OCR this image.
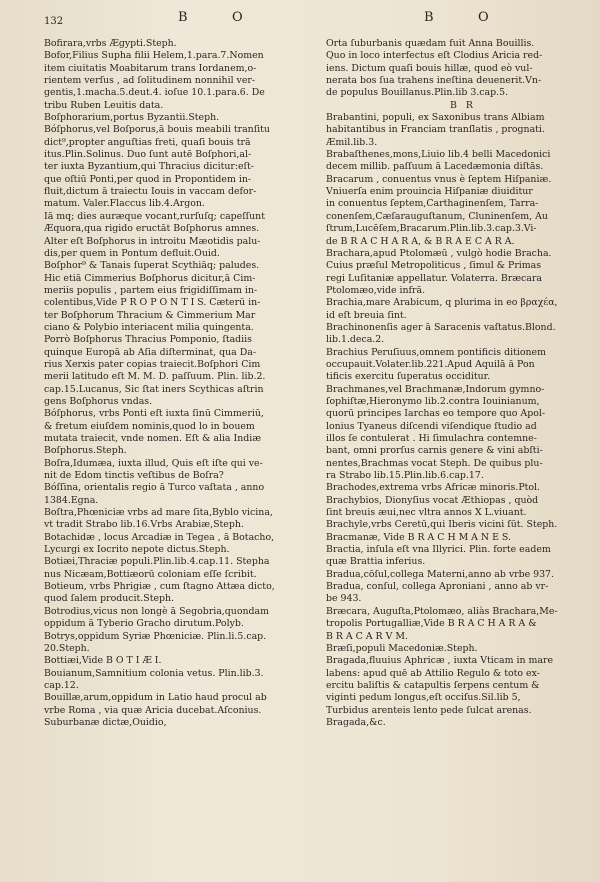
132	B	O	B	O
Bofirara,vrbs Ægypti.Steph.
Bofor,Filius Supha filii Helem,1.para.7.Nomen
item ciuitatis Moabitarum trans Iordanem,o-
rientem verſus , ad ſolitudinem nonnihil ver-
gentis,1.macha.5.deut.4. ioſue 10.1.para.6. De
tribu Ruben Leuitis data.
Boſphorarium,portus Byzantii.Steph.
Bóſphorus,vel Boſporus,ā bouis meabili tranſitu
dict⁹,propter anguſtias freti, quaſi bouis trā
itus.Plin.Solinus. Duo ſunt autē Boſphori,al-
ter iuxta Byzantium,qui Thracius dicitur:eſt-
que oſtiū Ponti,per quod in Propontidem in-
fluit,dictum ā traiectu Iouis in vaccam defor-
matum. Valer.Flaccus lib.4.Argon.
Iā mq; dies auræque vocant,rurſuſq; capeſſunt
Æquora,qua rigido eructāt Boſphorus amnes.
Alter eſt Boſphorus in introitu Mæotidis palu-
dis,per quem in Pontum defluit.Ouid.
Boſphor⁹ & Tanais ſuperat Scythiāq; paludes.
Hic etiā Cimmerius Boſphorus dicitur,ā Cim-
meriis populis , partem eius frigidiſſimam in-
colentibus,Vide P R O P O N T I S. Cæterū in-
ter Boſphorum Thracium & Cimmerium Mar
ciano & Polybio interiacent milia quingenta.
Porrò Boſphorus Thracius Pomponio, ſtadiis
quinque Europā ab Aſia diſterminat, qua Da-
rius Xerxis pater copias traiecit.Boſphori Cim
merii latitudo eſt M. M. D. paſſuum. Plin. lib.2.
cap.15.Lucanus, Sic ſtat iners Scythicas aſtrin
gens Boſphorus vndas.
Bóſphorus, vrbs Ponti eſt iuxta ſinū Cimmeriū,
& fretum eiuſdem nominis,quod lo in bouem
mutata traiecit, vnde nomen. Eſt & alia Indiæ
Boſphorus.Steph.
Boſra,Idumæa, iuxta illud, Quis eſt iſte qui ve-
nit de Edom tinctis veſtibus de Boſra?
Bóſſina, orientalis regio ā Turco vaſtata , anno
1384.Egna.
Boſtra,Phœniciæ vrbs ad mare ſita,Byblo vicina,
vt tradit Strabo lib.16.Vrbs Arabiæ,Steph.
Botachidæ , locus Arcadiæ in Tegea , ā Botacho,
Lycurgi ex Iocrito nepote dictus.Steph.
Botiæi,Thraciæ populi.Plin.lib.4.cap.11. Stepha
nus Nicæam,Bottiæorū coloniam eſſe ſcribit.
Botieum, vrbs Phrigiæ , cum ſtagno Attæa dicto,
quod ſalem producit.Steph.
Botrodius,vicus non longè ā Segobria,quondam
oppidum ā Tyberio Gracho dirutum.Polyb.
Botrys,oppidum Syriæ Phœniciæ. Plin.li.5.cap.
20.Steph.
Bottiæi,Vide B O T I Æ I.
Bouianum,Samnitium colonia vetus. Plin.lib.3.
cap.12.
Bouillæ,arum,oppidum in Latio haud procul ab
vrbe Roma , via quæ Aricia ducebat.Aſconius.
Suburbanæ dictæ,Ouidio,
Orta ſuburbanis quædam fuit Anna Bouillis.
Quo in loco interfectus eſt Clodius Aricia red-
iens. Dictum quaſi bouis hillæ, quod eò vul-
nerata bos ſua trahens ineſtina deuenerit.Vn-
de populus Bouillanus.Plin.lib 3.cap.5.
B R
Brabantini, populi, ex Saxonibus trans Albiam
habitantibus in Franciam tranſlatis , prognati.
Æmil.lib.3.
Brabaſthenes,mons,Liuio lib.4 belli Macedonici
decem millib. paſſuum ā Lacedæmonia diſtās.
Bracarum , conuentus vnus è ſeptem Hiſpaniæ.
Vniuerſa enim prouincia Hiſpaniæ diuiditur
in conuentus ſeptem,Carthaginenſem, Tarra-
conenſem,Cæſarauguſtanum, Cluninenſem, Au
ſtrum,Lucēſem,Bracarum.Plin.lib.3.cap.3.Vi-
de B R A C H A R A, & B R A E C A R A.
Brachara,apud Ptolomæū , vulgò hodie Bracha.
Cuius præſul Metropoliticus , ſimul & Primas
regi Luſitaniæ appellatur. Volaterra. Bræcara
Ptolomæo,vide infrā.
Brachia,mare Arabicum, q plurima in eo βραχέα,
id eſt breuia ſint.
Brachinonenſis ager ā Saracenis vaſtatus.Blond.
lib.1.deca.2.
Brachius Peruſiuus,omnem pontificis ditionem
occupauit.Volater.lib.221.Apud Aquilā ā Pon
tificis exercitu ſuperatus occiditur.
Brachmanes,vel Brachmanæ,Indorum gymno-
ſophiſtæ,Hieronymo lib.2.contra Iouinianum,
quorū principes Iarchas eo tempore quo Apol-
lonius Tyaneus diſcendi viſendique ſtudio ad
illos ſe contulerat . Hi ſimulachra contemne-
bant, omni prorſus carnis genere & vini abſti-
nentes,Brachmas vocat Steph. De quibus plu-
ra Strabo lib.15.Plin.lib.6.cap.17.
Brachodes,extrema vrbs Africæ minoris.Ptol.
Brachybios, Dionyſius vocat Æthiopas , quòd
ſint breuis æui,nec vltra annos X L.viuant.
Brachyle,vrbs Ceretū,qui Iberis vicini ſūt. Steph.
Bracmanæ, Vide B R A C H M A N E S.
Bractia, inſula eſt vna Illyrici. Plin. forte eadem
quæ Brattia inferius.
Bradua,cōſul,collega Materni,anno ab vrbe 937.
Bradua, conſul, collega Aproniani , anno ab vr-
be 943.
Bræcara, Auguſta,Ptolomæo, aliàs Brachara,Me-
tropolis Portugalliæ,Vide B R A C H A R A &
B R A C A R V M.
Bræſi,populi Macedoniæ.Steph.
Bragada,fluuius Aphricæ , iuxta Vticam in mare
labens: apud quē ab Attilio Regulo & toto ex-
ercitu baliſtis & catapultis ſerpens centum &
viginti pedum longus,eſt occiſus.Sil.lib 5,
Turbidus arenteis lento pede ſulcat arenas.
Bragada,&c.
